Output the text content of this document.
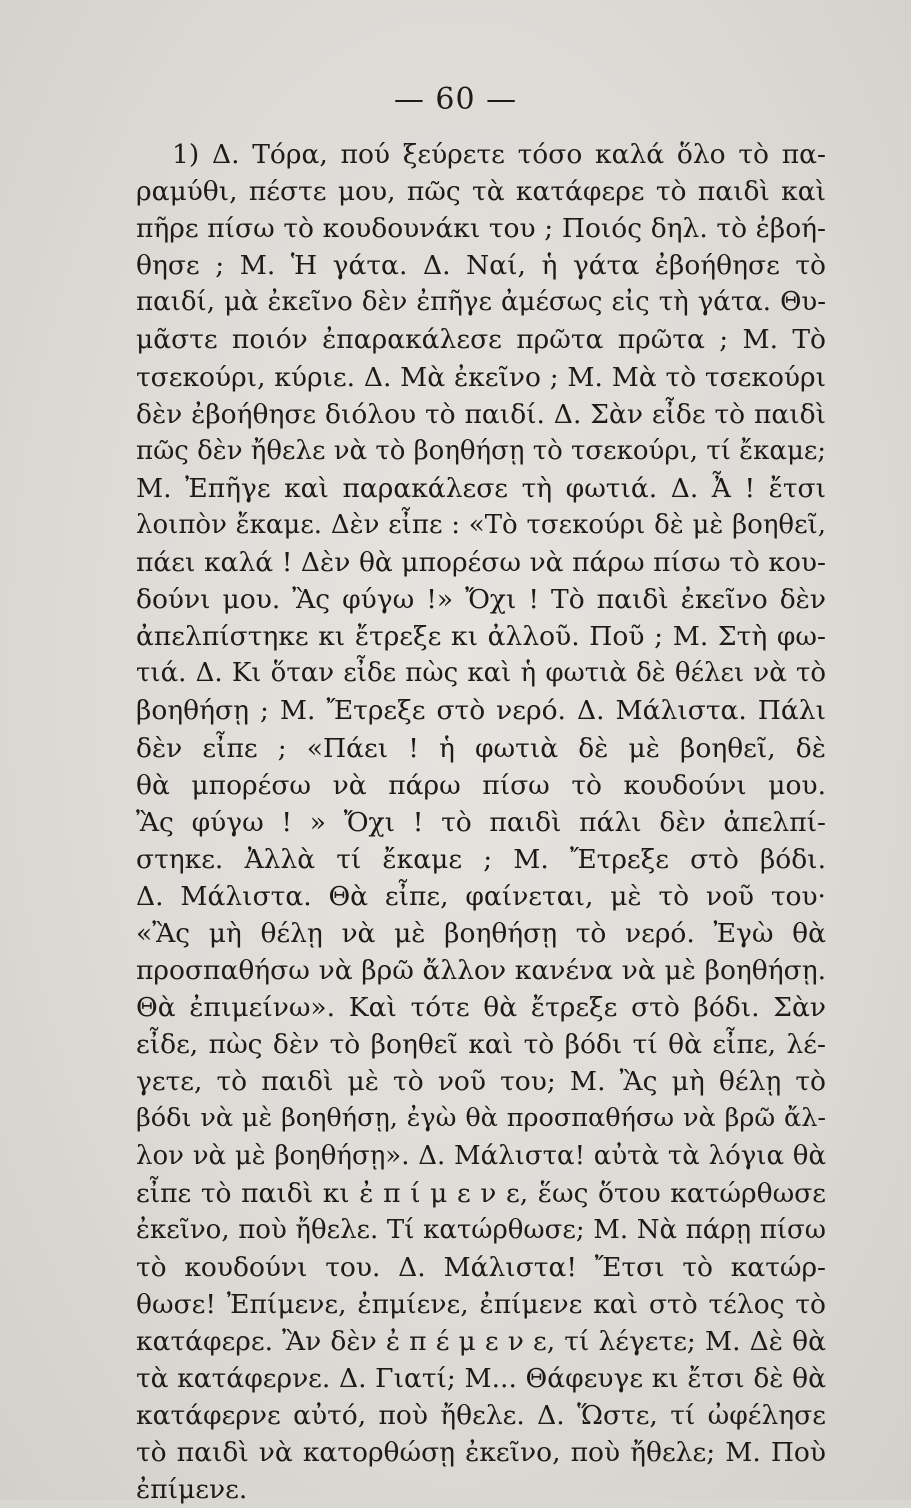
— 60 —
1) Δ. Τόρα, πού ξεύρετε τόσο καλά ὅλο τὸ πα-
ραμύθι, πέστε μου, πῶς τὰ κατάφερε τὸ παιδὶ καὶ
πῆρε πίσω τὸ κουδουνάκι του ; Ποιός δηλ. τὸ ἐβοή-
θησε ; Μ. Ἡ γάτα. Δ. Ναί, ἡ γάτα ἐβοήθησε τὸ
παιδί, μὰ ἐκεῖνο δὲν ἐπῆγε ἀμέσως εἰς τὴ γάτα. Θυ-
μᾶστε ποιόν ἐπαρακάλεσε πρῶτα πρῶτα ; Μ. Τὸ
τσεκούρι, κύριε. Δ. Μὰ ἐκεῖνο ; Μ. Μὰ τὸ τσεκούρι
δὲν ἐβοήθησε διόλου τὸ παιδί. Δ. Σὰν εἶδε τὸ παιδὶ
πῶς δὲν ἤθελε νὰ τὸ βοηθήσῃ τὸ τσεκούρι, τί ἔκαμε;
Μ. Ἐπῆγε καὶ παρακάλεσε τὴ φωτιά. Δ. Ἆ ! ἔτσι
λοιπὸν ἔκαμε. Δὲν εἶπε : «Τὸ τσεκούρι δὲ μὲ βοηθεῖ,
πάει καλά ! Δὲν θὰ μπορέσω νὰ πάρω πίσω τὸ κου-
δούνι μου. Ἂς φύγω !» Ὄχι ! Τὸ παιδὶ ἐκεῖνο δὲν
ἀπελπίστηκε κι ἔτρεξε κι ἀλλοῦ. Ποῦ ; Μ. Στὴ φω-
τιά. Δ. Κι ὅταν εἶδε πὼς καὶ ἡ φωτιὰ δὲ θέλει νὰ τὸ
βοηθήσῃ ; Μ. Ἔτρεξε στὸ νερό. Δ. Μάλιστα. Πάλι
δὲν εἶπε ; «Πάει ! ἡ φωτιὰ δὲ μὲ βοηθεῖ, δὲ
θὰ μπορέσω νὰ πάρω πίσω τὸ κουδούνι μου.
Ἂς φύγω ! » Ὄχι ! τὸ παιδὶ πάλι δὲν ἀπελπί-
στηκε. Ἀλλὰ τί ἔκαμε ; Μ. Ἔτρεξε στὸ βόδι.
Δ. Μάλιστα. Θὰ εἶπε, φαίνεται, μὲ τὸ νοῦ του·
«Ἂς μὴ θέλῃ νὰ μὲ βοηθήσῃ τὸ νερό. Ἐγὼ θὰ
προσπαθήσω νὰ βρῶ ἄλλον κανένα νὰ μὲ βοηθήσῃ.
Θὰ ἐπιμείνω». Καὶ τότε θὰ ἔτρεξε στὸ βόδι. Σὰν
εἶδε, πὼς δὲν τὸ βοηθεῖ καὶ τὸ βόδι τί θὰ εἶπε, λέ-
γετε, τὸ παιδὶ μὲ τὸ νοῦ του; Μ. Ἂς μὴ θέλῃ τὸ
βόδι νὰ μὲ βοηθήσῃ, ἐγὼ θὰ προσπαθήσω νὰ βρῶ ἄλ-
λον νὰ μὲ βοηθήσῃ». Δ. Μάλιστα! αὐτὰ τὰ λόγια θὰ
εἶπε τὸ παιδὶ κι ἐ π ί μ ε ν ε, ἕως ὅτου κατώρθωσε
ἐκεῖνο, ποὺ ἤθελε. Τί κατώρθωσε; Μ. Νὰ πάρῃ πίσω
τὸ κουδούνι του. Δ. Μάλιστα! Ἔτσι τὸ κατώρ-
θωσε! Ἐπίμενε, ἐπμίενε, ἐπίμενε καὶ στὸ τέλος τὸ
κατάφερε. Ἂν δὲν ἐ π έ μ ε ν ε, τί λέγετε; Μ. Δὲ θὰ
τὰ κατάφερνε. Δ. Γιατί; Μ... Θάφευγε κι ἔτσι δὲ θὰ
κατάφερνε αὐτό, ποὺ ἤθελε. Δ. Ὥστε, τί ὠφέλησε
τὸ παιδὶ νὰ κατορθώσῃ ἐκεῖνο, ποὺ ἤθελε; Μ. Ποὺ
ἐπίμενε.
